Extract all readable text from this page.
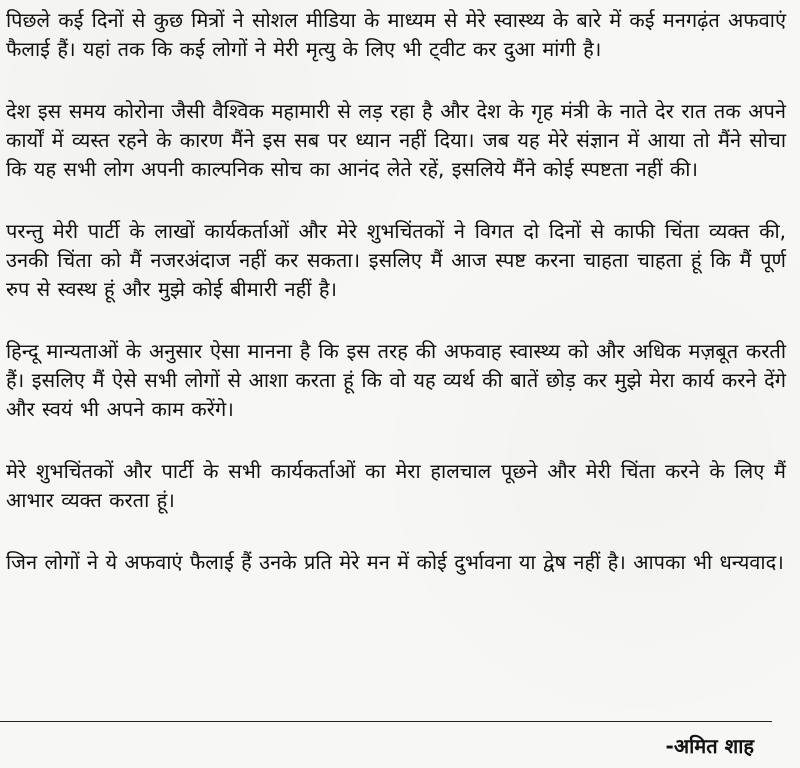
पिछले कई दिनों से कुछ मित्रों ने सोशल मीडिया के माध्यम से मेरे स्वास्थ्य के बारे में कई मनगढ़ंत अफवाएं फैलाई हैं। यहां तक कि कई लोगों ने मेरी मृत्यु के लिए भी ट्वीट कर दुआ मांगी है।

देश इस समय कोरोना जैसी वैश्विक महामारी से लड़ रहा है और देश के गृह मंत्री के नाते देर रात तक अपने कार्यों में व्यस्त रहने के कारण मैंने इस सब पर ध्यान नहीं दिया। जब यह मेरे संज्ञान में आया तो मैंने सोचा कि यह सभी लोग अपनी काल्पनिक सोच का आनंद लेते रहें, इसलिये मैंने कोई स्पष्टता नहीं की।

परन्तु मेरी पार्टी के लाखों कार्यकर्ताओं और मेरे शुभचिंतकों ने विगत दो दिनों से काफी चिंता व्यक्त की, उनकी चिंता को मैं नजरअंदाज नहीं कर सकता। इसलिए मैं आज स्पष्ट करना चाहता चाहता हूं कि मैं पूर्ण रुप से स्वस्थ हूं और मुझे कोई बीमारी नहीं है।

हिन्दू मान्यताओं के अनुसार ऐसा मानना है कि इस तरह की अफवाह स्वास्थ्य को और अधिक मज़बूत करती हैं। इसलिए मैं ऐसे सभी लोगों से आशा करता हूं कि वो यह व्यर्थ की बातें छोड़ कर मुझे मेरा कार्य करने देंगे और स्वयं भी अपने काम करेंगे।

मेरे शुभचिंतकों और पार्टी के सभी कार्यकर्ताओं का मेरा हालचाल पूछने और मेरी चिंता करने के लिए मैं आभार व्यक्त करता हूं।

जिन लोगों ने ये अफवाएं फैलाई हैं उनके प्रति मेरे मन में कोई दुर्भावना या द्वेष नहीं है। आपका भी धन्यवाद।

-अमित शाह
